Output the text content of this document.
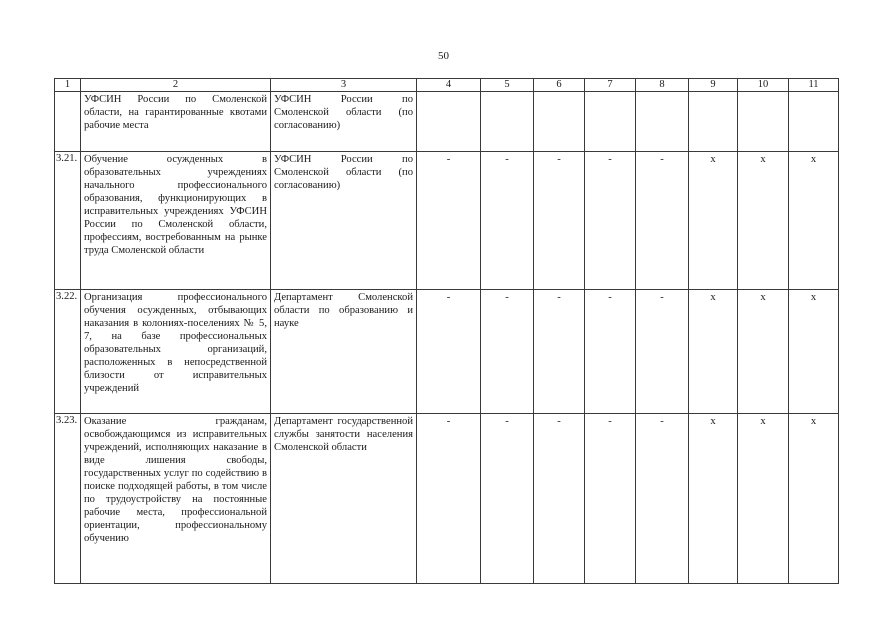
50
1	2	3	4	5	6	7	8	9	10	11
	УФСИН России по Смоленской области, на гарантированные квотами рабочие места	УФСИН России по Смоленской области (по согласованию)								
3.21.	Обучение осужденных в образовательных учреждениях начального профессионального образования, функционирующих в исправительных учреждениях УФСИН России по Смоленской области, профессиям, востребованным на рынке труда Смоленской области	УФСИН России по Смоленской области (по согласованию)	-	-	-	-	-	x	x	x
3.22.	Организация профессионального обучения осужденных, отбывающих наказания в колониях-поселениях № 5, 7, на базе профессиональных образовательных организаций, расположенных в непосредственной близости от исправительных учреждений	Департамент Смоленской области по образованию и науке	-	-	-	-	-	x	x	x
3.23.	Оказание гражданам, освобождающимся из исправительных учреждений, исполняющих наказание в виде лишения свободы, государственных услуг по содействию в поиске подходящей работы, в том числе по трудоустройству на постоянные рабочие места, профессиональной ориентации, профессиональному обучению	Департамент государственной службы занятости населения Смоленской области	-	-	-	-	-	x	x	x
